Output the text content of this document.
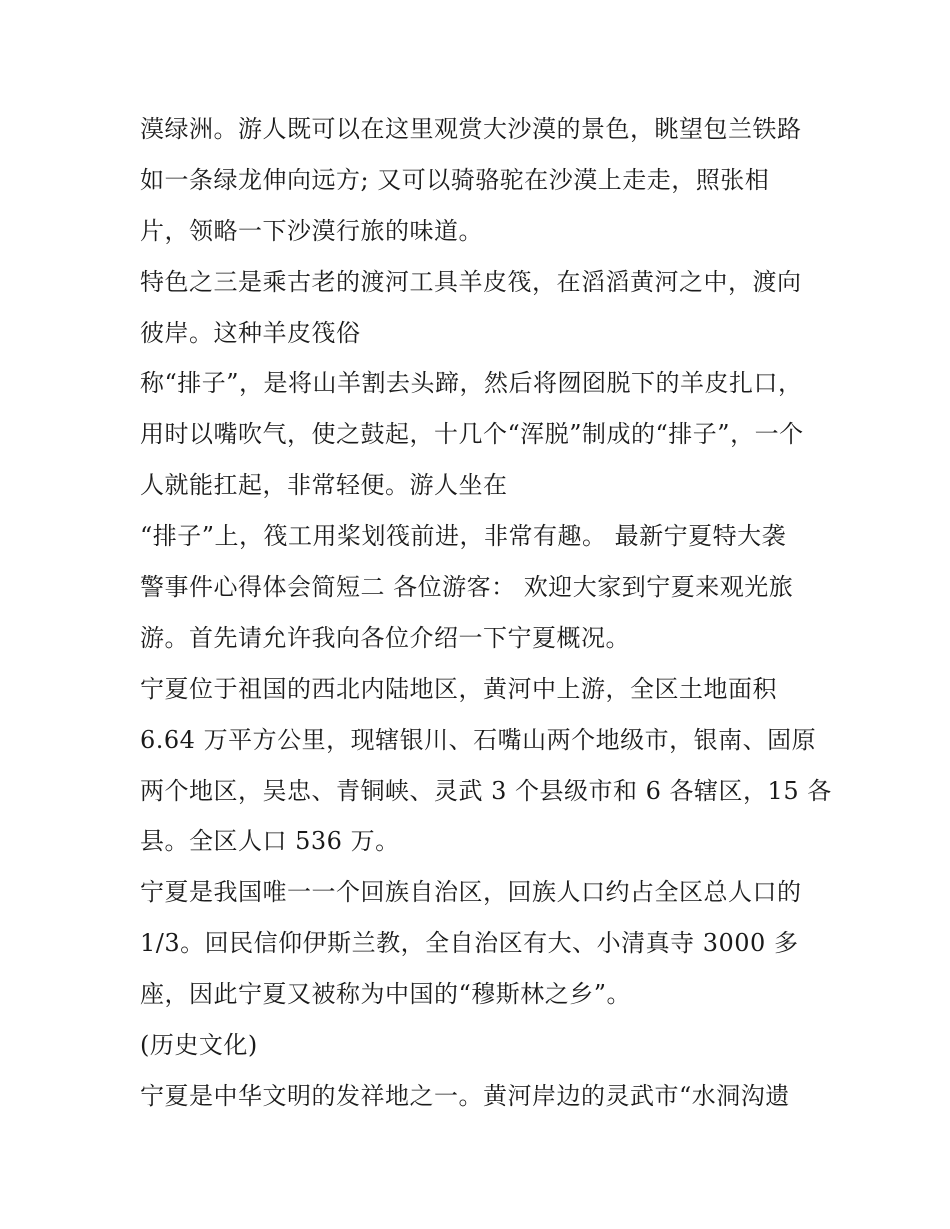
漠绿洲。游人既可以在这里观赏大沙漠的景色，眺望包兰铁路
如一条绿龙伸向远方; 又可以骑骆驼在沙漠上走走，照张相
片，领略一下沙漠行旅的味道。
特色之三是乘古老的渡河工具羊皮筏，在滔滔黄河之中，渡向
彼岸。这种羊皮筏俗
称“排子”，是将山羊割去头蹄，然后将囫囵脱下的羊皮扎口，
用时以嘴吹气，使之鼓起，十几个“浑脱”制成的“排子”，一个
人就能扛起，非常轻便。游人坐在
“排子”上，筏工用桨划筏前进，非常有趣。 最新宁夏特大袭
警事件心得体会简短二 各位游客： 欢迎大家到宁夏来观光旅
游。首先请允许我向各位介绍一下宁夏概况。
宁夏位于祖国的西北内陆地区，黄河中上游，全区土地面积
6.64 万平方公里，现辖银川、石嘴山两个地级市，银南、固原
两个地区，吴忠、青铜峡、灵武 3 个县级市和 6 各辖区，15 各
县。全区人口 536 万。
宁夏是我国唯一一个回族自治区，回族人口约占全区总人口的
1/3。回民信仰伊斯兰教，全自治区有大、小清真寺 3000 多
座，因此宁夏又被称为中国的“穆斯林之乡”。
(历史文化)
宁夏是中华文明的发祥地之一。黄河岸边的灵武市“水洞沟遗
